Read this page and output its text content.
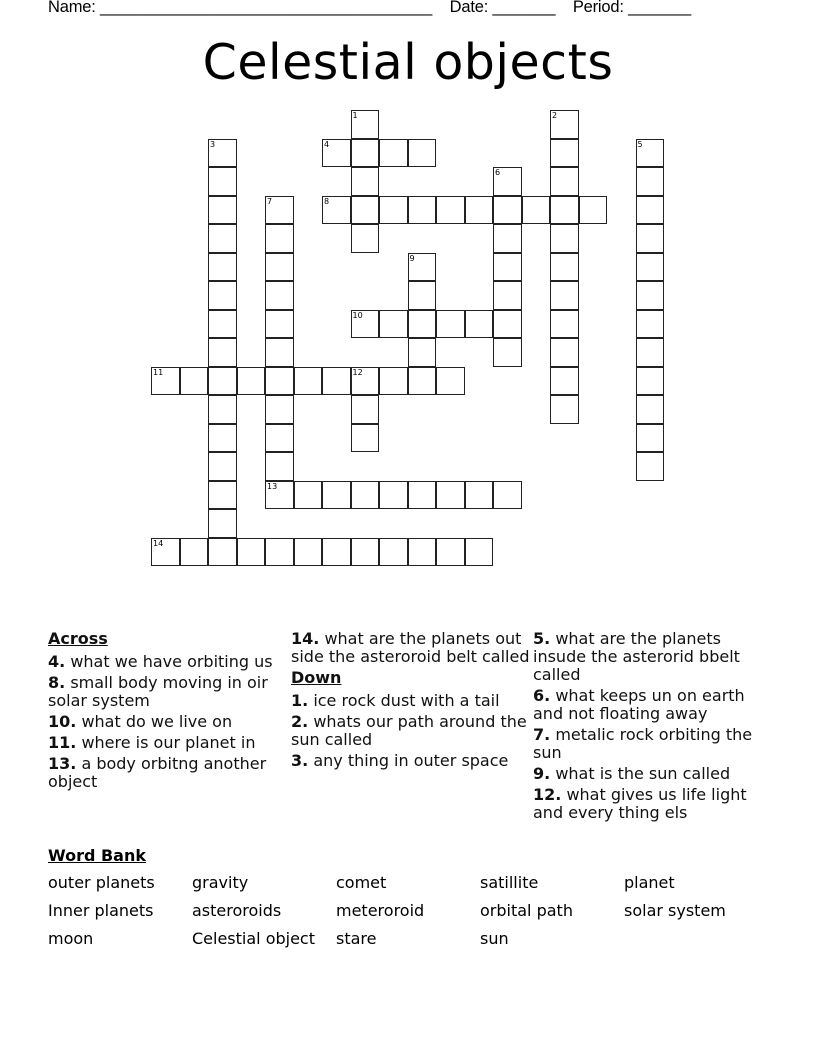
Name: _____________________________________    Date: _______    Period: _______
Celestial objects
1	2
3	4	5
6
7
13
8
9
10
11	12
14
Across
4. what we have orbiting us
8. small body moving in oir solar system
10. what do we live on
11. where is our planet in
13. a body orbitng another object
14. what are the planets out side the asteroroid belt called
Down
1. ice rock dust with a tail
2. whats our path around the sun called
3. any thing in outer space
5. what are the planets insude the asterorid bbelt called
6. what keeps un on earth and not floating away
7. metalic rock orbiting the sun
9. what is the sun called
12. what gives us life light and every thing els
Word Bank
outer planets	gravity	comet	satillite	planet
Inner planets	asteroroids	meteroroid	orbital path	solar system
moon	Celestial object	stare	sun
